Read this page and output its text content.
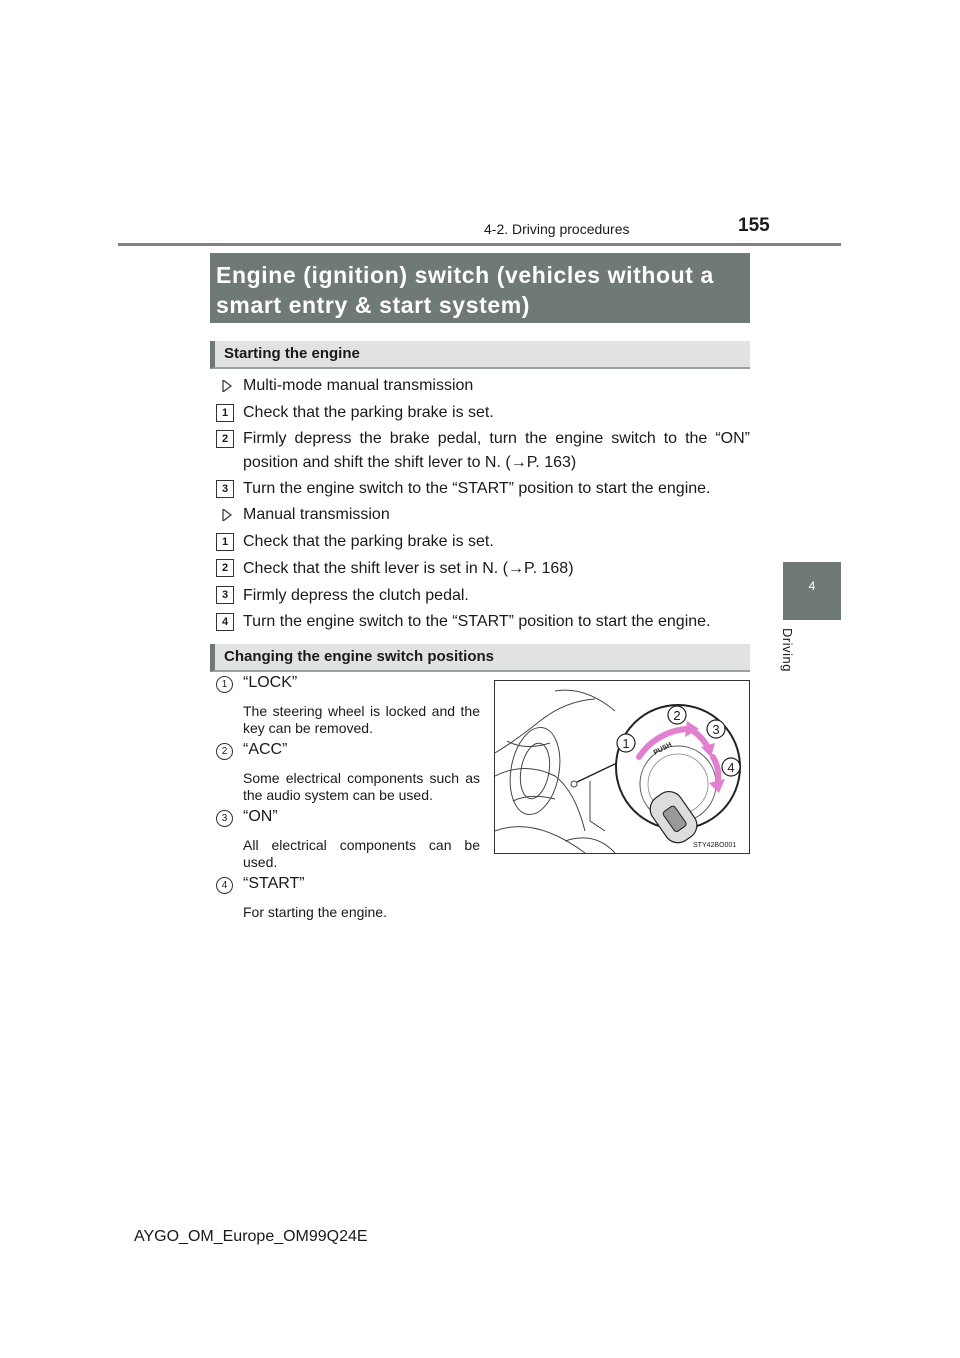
155
4-2. Driving procedures
4
Driving
Engine (ignition) switch (vehicles without a smart entry & start system)
Starting the engine
Multi-mode manual transmission
1 Check that the parking brake is set.
2 Firmly depress the brake pedal, turn the engine switch to the “ON” position and shift the shift lever to N. (→P. 163)
3 Turn the engine switch to the “START” position to start the engine.
Manual transmission
1 Check that the parking brake is set.
2 Check that the shift lever is set in N. (→P. 168)
3 Firmly depress the clutch pedal.
4 Turn the engine switch to the “START” position to start the engine.
Changing the engine switch positions
1 “LOCK”
The steering wheel is locked and the key can be removed.
2 “ACC”
Some electrical components such as the audio system can be used.
3 “ON”
All electrical components can be used.
4 “START”
For starting the engine.
PUSH
1
2
3
4
STY42BO001
AYGO_OM_Europe_OM99Q24E
